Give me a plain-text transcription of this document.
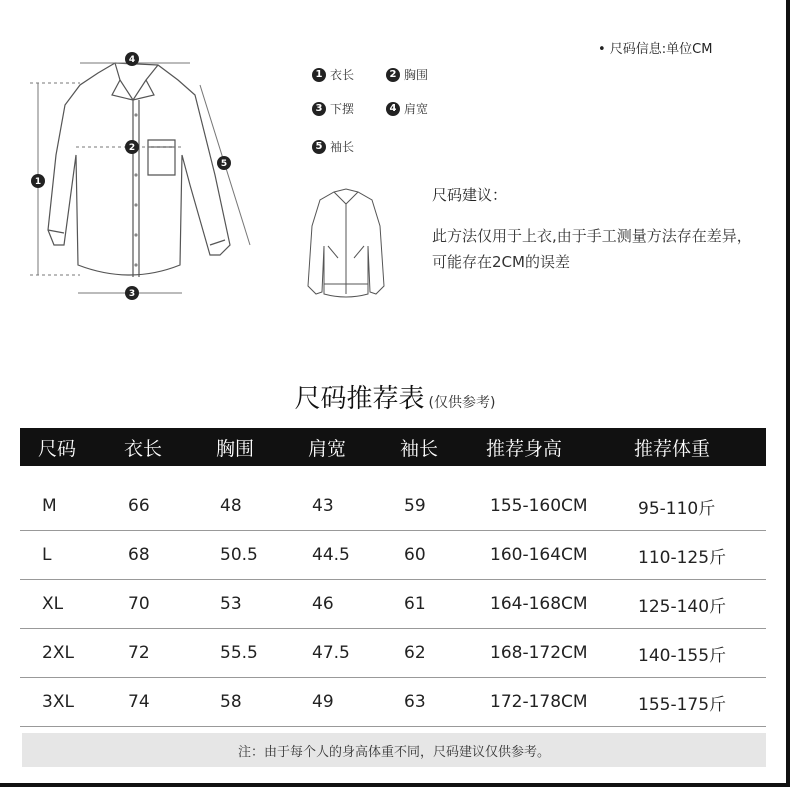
1
2
3
4
5
• 尺码信息:单位CM
1 衣长	2 胸围
3 下摆	4 肩宽
5 袖长
尺码建议：
此方法仅用于上衣,由于手工测量方法存在差异，可能存在2CM的误差
尺码推荐表 (仅供参考)
尺码	衣长	胸围	肩宽	袖长	推荐身高	推荐体重
M	66	48	43	59	155-160CM	95-110斤
L	68	50.5	44.5	60	160-164CM	110-125斤
XL	70	53	46	61	164-168CM	125-140斤
2XL	72	55.5	47.5	62	168-172CM	140-155斤
3XL	74	58	49	63	172-178CM	155-175斤
注：由于每个人的身高体重不同，尺码建议仅供参考。
